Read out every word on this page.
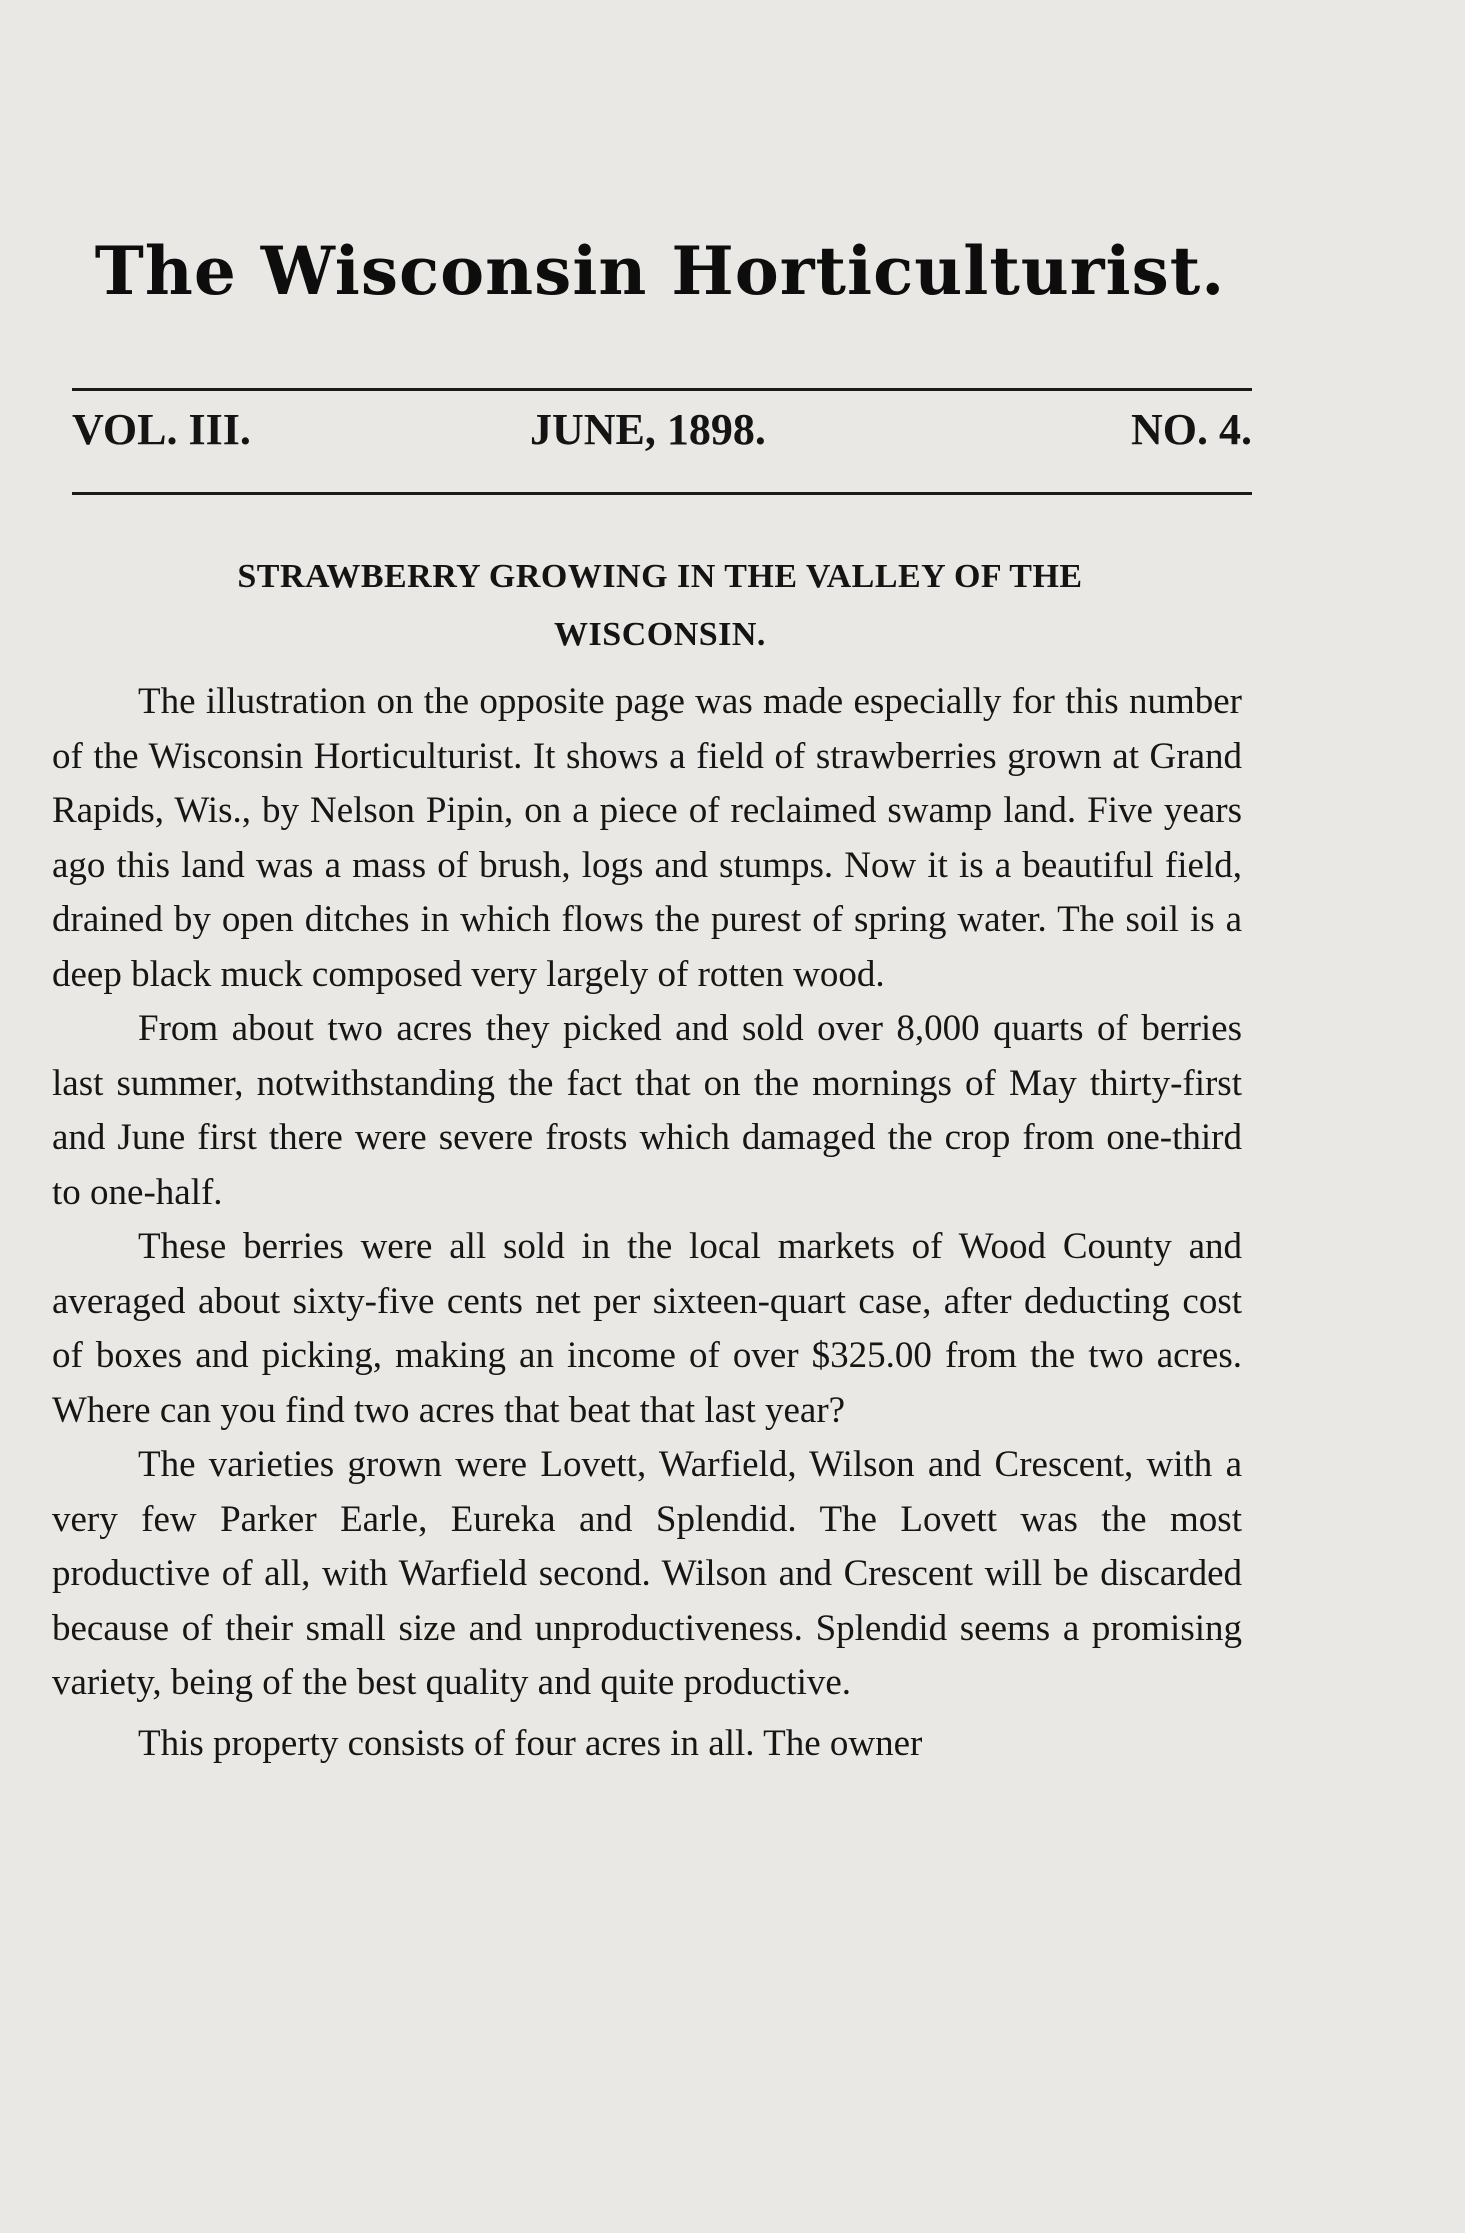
The Wisconsin Horticulturist.
VOL. III.	JUNE, 1898.	NO. 4.
STRAWBERRY GROWING IN THE VALLEY OF THE
WISCONSIN.

The illustration on the opposite page was made especially for this number of the Wisconsin Horticulturist. It shows a field of strawberries grown at Grand Rapids, Wis., by Nelson Pipin, on a piece of reclaimed swamp land. Five years ago this land was a mass of brush, logs and stumps. Now it is a beautiful field, drained by open ditches in which flows the purest of spring water. The soil is a deep black muck composed very largely of rotten wood.

From about two acres they picked and sold over 8,000 quarts of berries last summer, notwithstanding the fact that on the mornings of May thirty-first and June first there were severe frosts which damaged the crop from one-third to one-half.

These berries were all sold in the local markets of Wood County and averaged about sixty-five cents net per sixteen-quart case, after deducting cost of boxes and picking, making an income of over $325.00 from the two acres. Where can you find two acres that beat that last year?

The varieties grown were Lovett, Warfield, Wilson and Crescent, with a very few Parker Earle, Eureka and Splendid. The Lovett was the most productive of all, with Warfield second. Wilson and Crescent will be discarded because of their small size and unproductiveness. Splendid seems a promising variety, being of the best quality and quite productive.

This property consists of four acres in all. The owner
